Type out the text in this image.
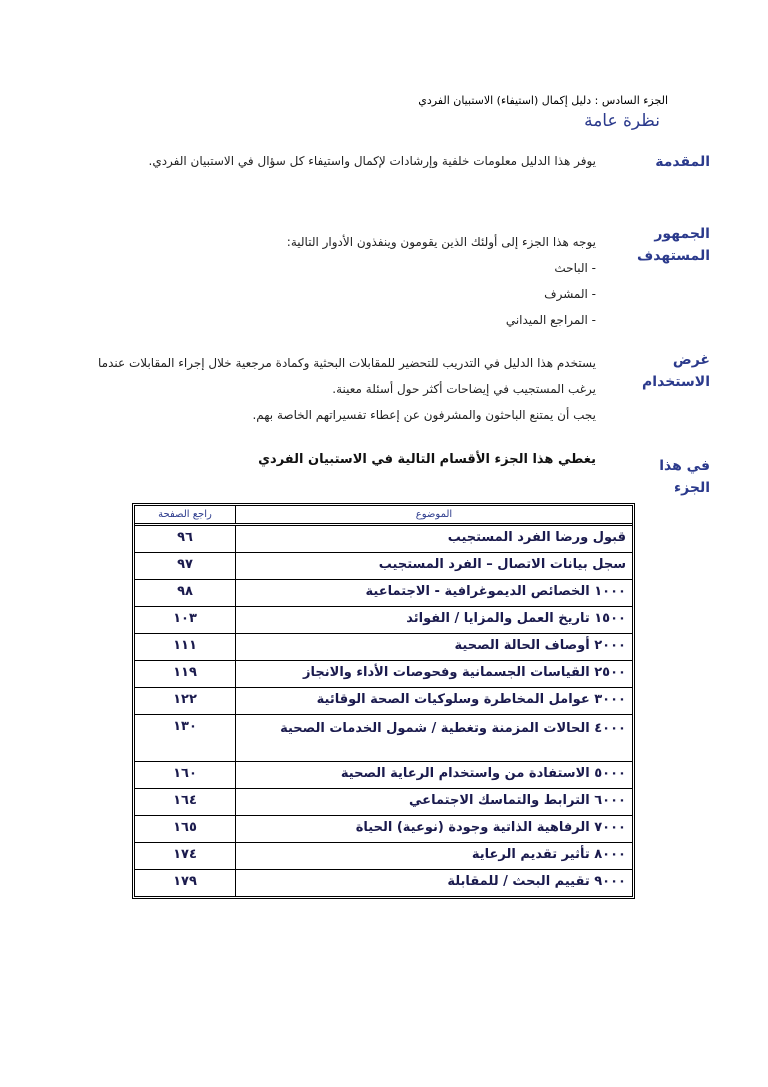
الجزء السادس : دليل إكمال (استيفاء) الاستبيان الفردي
نظرة عامة
المقدمة

يوفر هذا الدليل معلومات خلفية وإرشادات لإكمال واستيفاء كل سؤال في الاستبيان الفردي.

الجمهور المستهدف

يوجه هذا الجزء إلى أولئك الذين يقومون وينفذون الأدوار التالية:

- الباحث

- المشرف

- المراجع الميداني

غرض الاستخدام

يستخدم هذا الدليل في التدريب للتحضير للمقابلات البحثية وكمادة مرجعية خلال إجراء المقابلات عندما يرغب المستجيب في إيضاحات أكثر حول أسئلة معينة.

يجب أن يمتنع الباحثون والمشرفون عن إعطاء تفسيراتهم الخاصة بهم.

في هذا الجزء

يغطي هذا الجزء الأقسام التالية في الاستبيان الفردي

الموضوع	راجع الصفحة
قبول ورضا الفرد المستجيب	٩٦
سجل بيانات الاتصال – الفرد المستجيب	٩٧
١٠٠٠ الخصائص الديموغرافية - الاجتماعية	٩٨
١٥٠٠ تاريخ العمل والمزايا / الفوائد	١٠٣
٢٠٠٠ أوصاف الحالة الصحية	١١١
٢٥٠٠ القياسات الجسمانية وفحوصات الأداء والانجاز	١١٩
٣٠٠٠ عوامل المخاطرة وسلوكيات الصحة الوقائية	١٢٢
٤٠٠٠ الحالات المزمنة وتغطية / شمول الخدمات الصحية	١٣٠
٥٠٠٠ الاستفادة من واستخدام الرعاية الصحية	١٦٠
٦٠٠٠ الترابط والتماسك الاجتماعي	١٦٤
٧٠٠٠ الرفاهية الذاتية وجودة (نوعية) الحياة	١٦٥
٨٠٠٠ تأثير تقديم الرعاية	١٧٤
٩٠٠٠ تقييم البحث / للمقابلة	١٧٩
